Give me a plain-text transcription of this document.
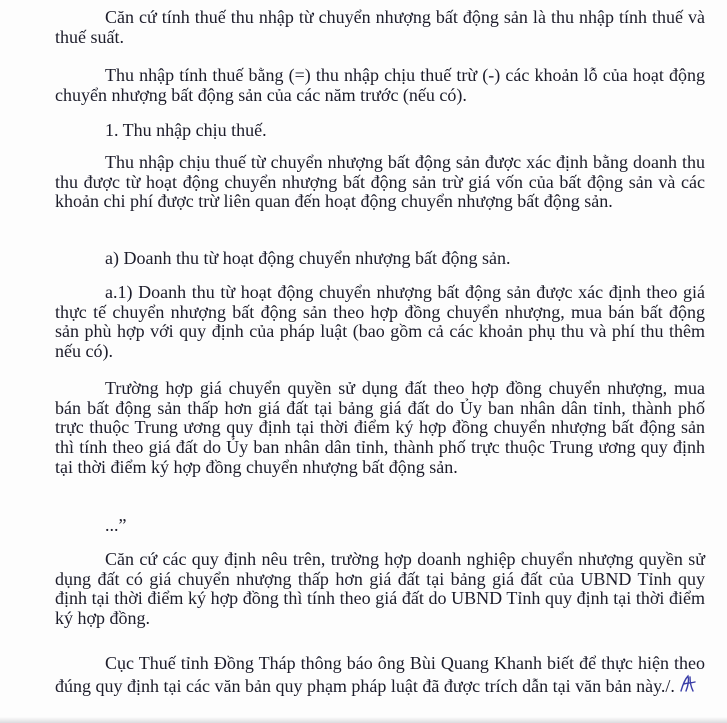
Căn cứ tính thuế thu nhập từ chuyển nhượng bất động sản là thu nhập tính thuế và thuế suất.

Thu nhập tính thuế bằng (=) thu nhập chịu thuế trừ (-) các khoản lỗ của hoạt động chuyển nhượng bất động sản của các năm trước (nếu có).

1. Thu nhập chịu thuế.

Thu nhập chịu thuế từ chuyển nhượng bất động sản được xác định bằng doanh thu thu được từ hoạt động chuyển nhượng bất động sản trừ giá vốn của bất động sản và các khoản chi phí được trừ liên quan đến hoạt động chuyển nhượng bất động sản.

a) Doanh thu từ hoạt động chuyển nhượng bất động sản.

a.1) Doanh thu từ hoạt động chuyển nhượng bất động sản được xác định theo giá thực tế chuyển nhượng bất động sản theo hợp đồng chuyển nhượng, mua bán bất động sản phù hợp với quy định của pháp luật (bao gồm cả các khoản phụ thu và phí thu thêm nếu có).

Trường hợp giá chuyển quyền sử dụng đất theo hợp đồng chuyển nhượng, mua bán bất động sản thấp hơn giá đất tại bảng giá đất do Ủy ban nhân dân tỉnh, thành phố trực thuộc Trung ương quy định tại thời điểm ký hợp đồng chuyển nhượng bất động sản thì tính theo giá đất do Ủy ban nhân dân tỉnh, thành phố trực thuộc Trung ương quy định tại thời điểm ký hợp đồng chuyển nhượng bất động sản.

...”

Căn cứ các quy định nêu trên, trường hợp doanh nghiệp chuyển nhượng quyền sử dụng đất có giá chuyển nhượng thấp hơn giá đất tại bảng giá đất của UBND Tỉnh quy định tại thời điểm ký hợp đồng thì tính theo giá đất do UBND Tỉnh quy định tại thời điểm ký hợp đồng.

Cục Thuế tỉnh Đồng Tháp thông báo ông Bùi Quang Khanh biết để thực hiện theo đúng quy định tại các văn bản quy phạm pháp luật đã được trích dẫn tại văn bản này./.
